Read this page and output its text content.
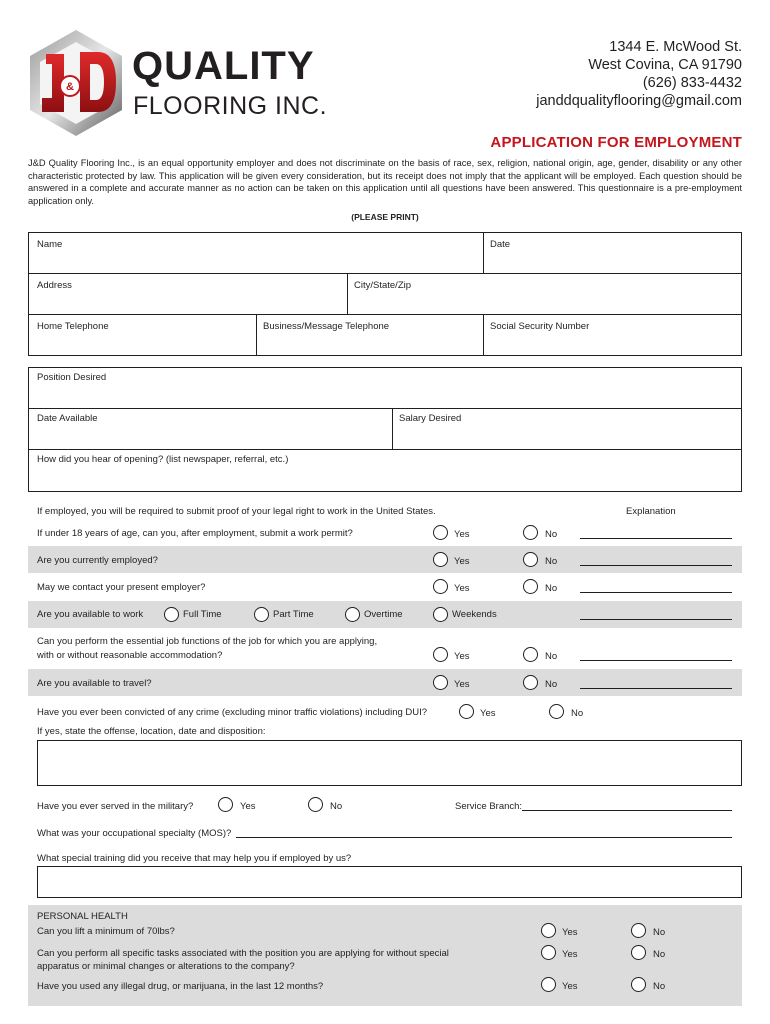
& QUALITY
FLOORING INC.
1344 E. McWood St.
West Covina, CA 91790
(626) 833-4432
janddqualityflooring@gmail.com
APPLICATION FOR EMPLOYMENT
J&D Quality Flooring Inc., is an equal opportunity employer and does not discriminate on the basis of race, sex, religion, national origin, age, gender, disability or any other characteristic protected by law. This application will be given every consideration, but its receipt does not imply that the applicant will be employed. Each question should be answered in a complete and accurate manner as no action can be taken on this application until all questions have been answered. This questionnaire is a pre-employment application only.
(PLEASE PRINT)
Name	Date
Address	City/State/Zip
Home Telephone	Business/Message Telephone	Social Security Number
Position Desired
Date Available	Salary Desired
How did you hear of opening? (list newspaper, referral, etc.)
If employed, you will be required to submit proof of your legal right to work in the United States.	Explanation
If under 18 years of age, can you, after employment, submit a work permit?	Yes	No
Are you currently employed?	Yes	No
May we contact your present employer?	Yes	No
Are you available to work	Full Time	Part Time	Overtime	Weekends
Can you perform the essential job functions of the job for which you are applying,
with or without reasonable accommodation?	Yes	No
Are you available to travel?	Yes	No
Have you ever been convicted of any crime (excluding minor traffic violations) including DUI?	Yes	No
If yes, state the offense, location, date and disposition:
Have you ever served in the military?	Yes	No	Service Branch:
What was your occupational specialty (MOS)?
What special training did you receive that may help you if employed by us?
PERSONAL HEALTH
Can you lift a minimum of 70lbs?	Yes	No
Can you perform all specific tasks associated with the position you are applying for without special
apparatus or minimal changes or alterations to the company?
Yes	No
Have you used any illegal drug, or marijuana, in the last 12 months?	Yes	No
